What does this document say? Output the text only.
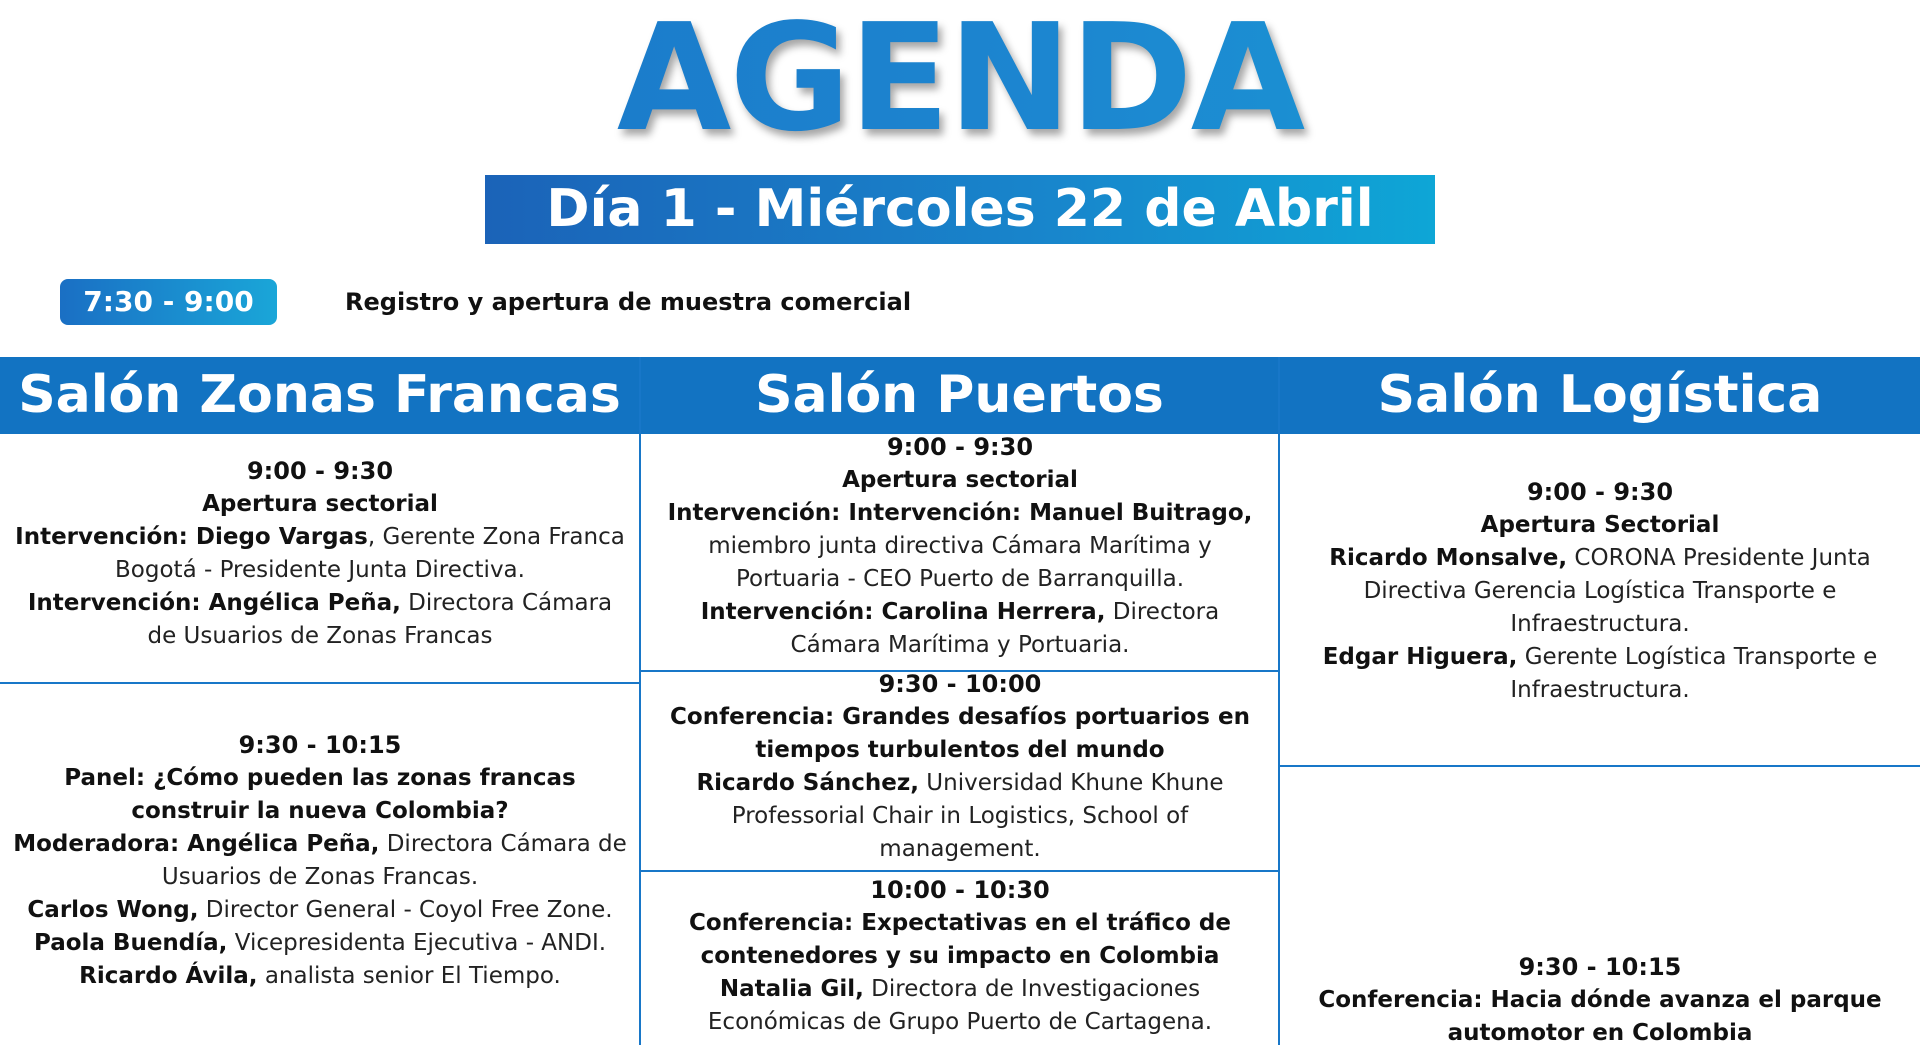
AGENDA
Día 1 - Miércoles 22 de Abril
7:30 - 9:00	Registro y apertura de muestra comercial
Salón Zonas Francas	Salón Puertos	Salón Logística

9:00 - 9:30

Apertura sectorial

Intervención: Diego Vargas, Gerente Zona Franca Bogotá - Presidente Junta Directiva.

Intervención: Angélica Peña, Directora Cámara de Usuarios de Zonas Francas

9:30 - 10:15

Panel: ¿Cómo pueden las zonas francas construir la nueva Colombia?

Moderadora: Angélica Peña, Directora Cámara de Usuarios de Zonas Francas.

Carlos Wong, Director General - Coyol Free Zone.

Paola Buendía, Vicepresidenta Ejecutiva - ANDI.

Ricardo Ávila, analista senior El Tiempo.

9:00 - 9:30

Apertura sectorial

Intervención: Intervención: Manuel Buitrago, miembro junta directiva Cámara Marítima y Portuaria - CEO Puerto de Barranquilla.

Intervención: Carolina Herrera, Directora Cámara Marítima y Portuaria.

9:30 - 10:00

Conferencia: Grandes desafíos portuarios en tiempos turbulentos del mundo

Ricardo Sánchez, Universidad Khune Khune Professorial Chair in Logistics, School of management.

10:00 - 10:30

Conferencia: Expectativas en el tráfico de contenedores y su impacto en Colombia

Natalia Gil, Directora de Investigaciones Económicas de Grupo Puerto de Cartagena.

9:00 - 9:30

Apertura Sectorial

Ricardo Monsalve, CORONA Presidente Junta Directiva Gerencia Logística Transporte e Infraestructura.

Edgar Higuera, Gerente Logística Transporte e Infraestructura.

9:30 - 10:15

Conferencia: Hacia dónde avanza el parque automotor en Colombia
